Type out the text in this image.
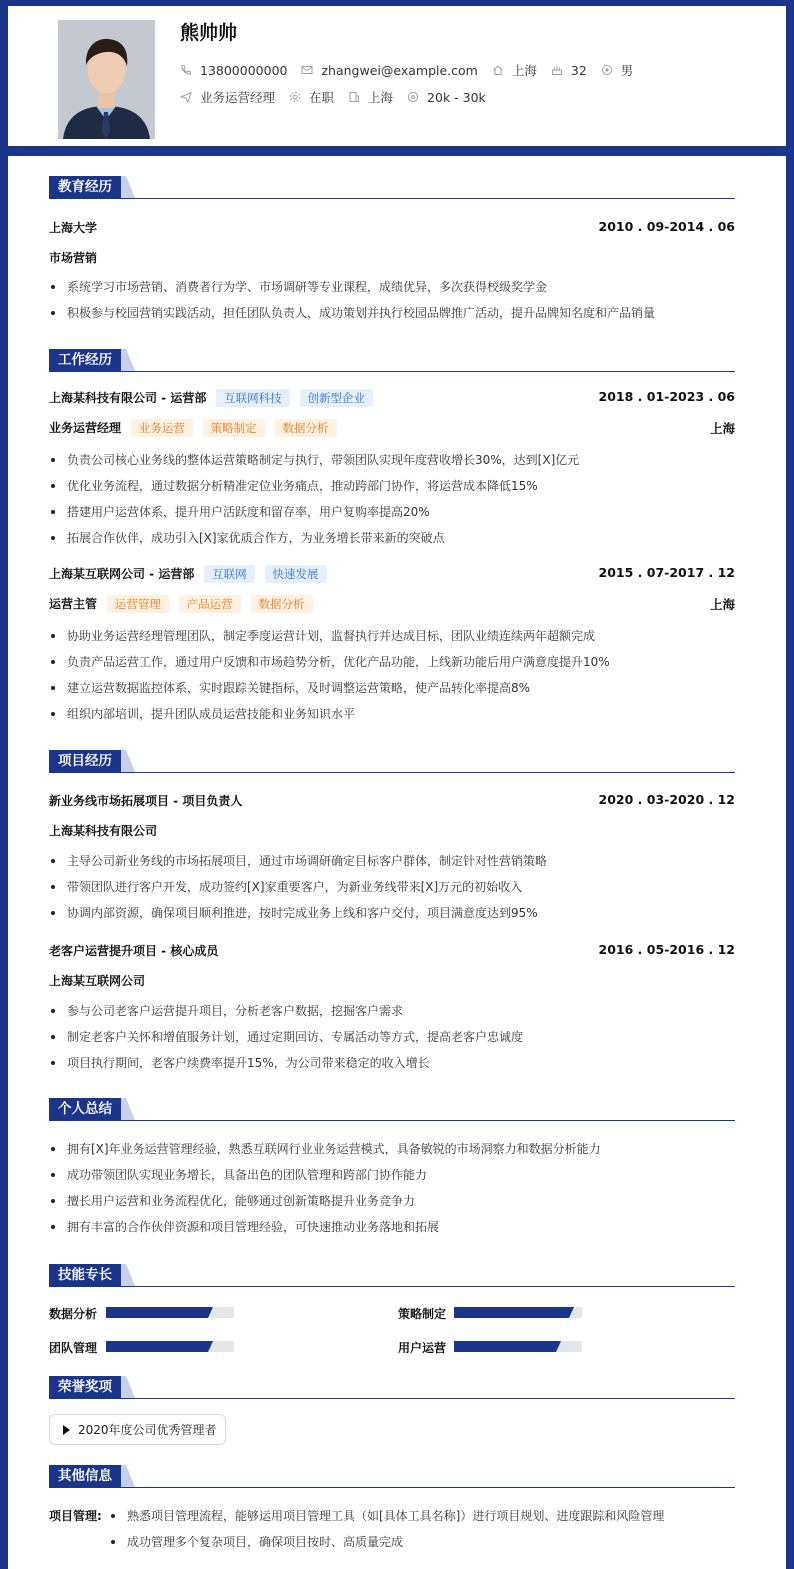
熊帅帅
13800000000	zhangwei@example.com	上海	32	男
业务运营经理	在职	上海	20k - 30k
教育经历
上海大学	2010 . 09-2014 . 06
市场营销
系统学习市场营销、消费者行为学、市场调研等专业课程，成绩优异，多次获得校级奖学金
积极参与校园营销实践活动，担任团队负责人，成功策划并执行校园品牌推广活动，提升品牌知名度和产品销量
工作经历
上海某科技有限公司 - 运营部 互联网科技 创新型企业	2018 . 01-2023 . 06
业务运营经理 业务运营 策略制定 数据分析	上海
负责公司核心业务线的整体运营策略制定与执行，带领团队实现年度营收增长30%，达到[X]亿元
优化业务流程，通过数据分析精准定位业务痛点，推动跨部门协作，将运营成本降低15%
搭建用户运营体系，提升用户活跃度和留存率，用户复购率提高20%
拓展合作伙伴，成功引入[X]家优质合作方，为业务增长带来新的突破点
上海某互联网公司 - 运营部 互联网 快速发展	2015 . 07-2017 . 12
运营主管 运营管理 产品运营 数据分析	上海
协助业务运营经理管理团队，制定季度运营计划，监督执行并达成目标，团队业绩连续两年超额完成
负责产品运营工作，通过用户反馈和市场趋势分析，优化产品功能，上线新功能后用户满意度提升10%
建立运营数据监控体系，实时跟踪关键指标，及时调整运营策略，使产品转化率提高8%
组织内部培训，提升团队成员运营技能和业务知识水平
项目经历
新业务线市场拓展项目 - 项目负责人	2020 . 03-2020 . 12
上海某科技有限公司
主导公司新业务线的市场拓展项目，通过市场调研确定目标客户群体，制定针对性营销策略
带领团队进行客户开发，成功签约[X]家重要客户，为新业务线带来[X]万元的初始收入
协调内部资源，确保项目顺利推进，按时完成业务上线和客户交付，项目满意度达到95%
老客户运营提升项目 - 核心成员	2016 . 05-2016 . 12
上海某互联网公司
参与公司老客户运营提升项目，分析老客户数据，挖掘客户需求
制定老客户关怀和增值服务计划，通过定期回访、专属活动等方式，提高老客户忠诚度
项目执行期间，老客户续费率提升15%，为公司带来稳定的收入增长
个人总结
拥有[X]年业务运营管理经验，熟悉互联网行业业务运营模式，具备敏锐的市场洞察力和数据分析能力
成功带领团队实现业务增长，具备出色的团队管理和跨部门协作能力
擅长用户运营和业务流程优化，能够通过创新策略提升业务竞争力
拥有丰富的合作伙伴资源和项目管理经验，可快速推动业务落地和拓展
技能专长
数据分析	策略制定
团队管理	用户运营
荣誉奖项
2020年度公司优秀管理者
其他信息
项目管理:	熟悉项目管理流程，能够运用项目管理工具（如[具体工具名称]）进行项目规划、进度跟踪和风险管理
成功管理多个复杂项目，确保项目按时、高质量完成
